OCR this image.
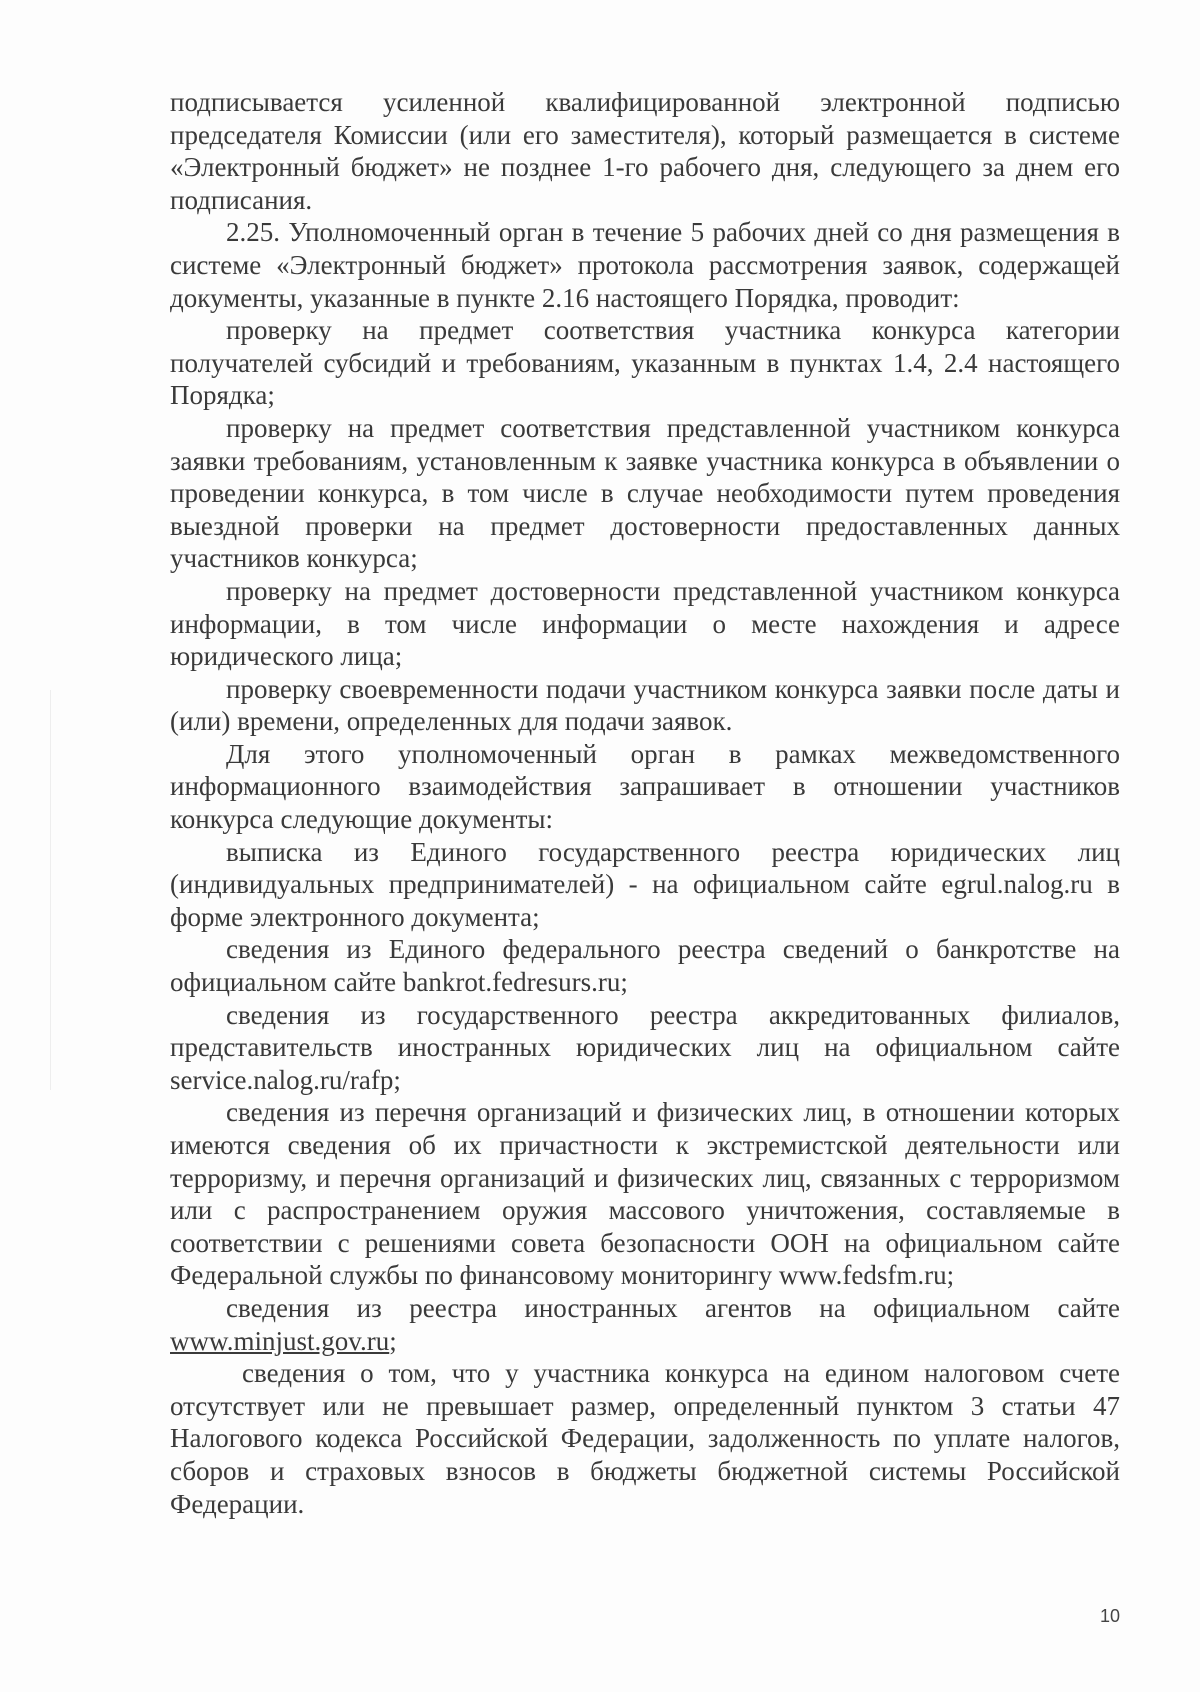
подписывается усиленной квалифицированной электронной подписью председателя Комиссии (или его заместителя), который размещается в системе «Электронный бюджет» не позднее 1-го рабочего дня, следующего за днем его подписания.

2.25. Уполномоченный орган в течение 5 рабочих дней со дня размещения в системе «Электронный бюджет» протокола рассмотрения заявок, содержащей документы, указанные в пункте 2.16 настоящего Порядка, проводит:

проверку на предмет соответствия участника конкурса категории получателей субсидий и требованиям, указанным в пунктах 1.4, 2.4 настоящего Порядка;

проверку на предмет соответствия представленной участником конкурса заявки требованиям, установленным к заявке участника конкурса в объявлении о проведении конкурса, в том числе в случае необходимости путем проведения выездной проверки на предмет достоверности предоставленных данных участников конкурса;

проверку на предмет достоверности представленной участником конкурса информации, в том числе информации о месте нахождения и адресе юридического лица;

проверку своевременности подачи участником конкурса заявки после даты и (или) времени, определенных для подачи заявок.

Для этого уполномоченный орган в рамках межведомственного информационного взаимодействия запрашивает в отношении участников конкурса следующие документы:

выписка из Единого государственного реестра юридических лиц (индивидуальных предпринимателей) - на официальном сайте egrul.nalog.ru в форме электронного документа;

сведения из Единого федерального реестра сведений о банкротстве на официальном сайте bankrot.fedresurs.ru;

сведения из государственного реестра аккредитованных филиалов, представительств иностранных юридических лиц на официальном сайте service.nalog.ru/rafp;

сведения из перечня организаций и физических лиц, в отношении которых имеются сведения об их причастности к экстремистской деятельности или терроризму, и перечня организаций и физических лиц, связанных с терроризмом или с распространением оружия массового уничтожения, составляемые в соответствии с решениями совета безопасности ООН на официальном сайте Федеральной службы по финансовому мониторингу www.fedsfm.ru;

сведения из реестра иностранных агентов на официальном сайте www.minjust.gov.ru;

сведения о том, что у участника конкурса на едином налоговом счете отсутствует или не превышает размер, определенный пунктом 3 статьи 47 Налогового кодекса Российской Федерации, задолженность по уплате налогов, сборов и страховых взносов в бюджеты бюджетной системы Российской Федерации.

10
